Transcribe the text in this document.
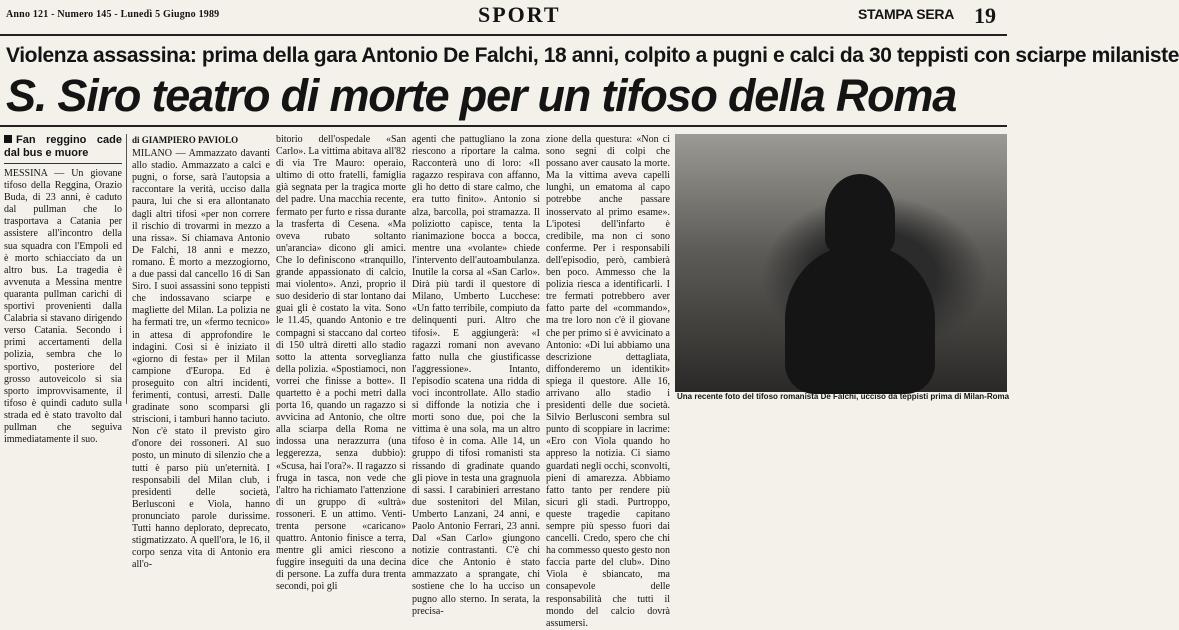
Anno 121 - Numero 145 - Lunedì 5 Giugno 1989	SPORT	STAMPA SERA 19
Violenza assassina: prima della gara Antonio De Falchi, 18 anni, colpito a pugni e calci da 30 teppisti con sciarpe milaniste
S. Siro teatro di morte per un tifoso della Roma
Fan reggino cade dal bus e muore
MESSINA — Un giovane tifoso della Reggina, Orazio Buda, di 23 anni, è caduto dal pullman che lo trasportava a Catania per assistere all'incontro della sua squadra con l'Empoli ed è morto schiacciato da un altro bus. La tragedia è avvenuta a Messina mentre quaranta pullman carichi di sportivi provenienti dalla Calabria si stavano dirigendo verso Catania. Secondo i primi accertamenti della polizia, sembra che lo sportivo, posteriore del grosso autoveicolo si sia sporto improvvisamente, il tifoso è quindi caduto sulla strada ed è stato travolto dal pullman che seguiva immediatamente il suo.
di GIAMPIERO PAVIOLO
MILANO — Ammazzato davanti allo stadio. Ammazzato a calci e pugni, o forse, sarà l'autopsia a raccontare la verità, ucciso dalla paura, lui che si era allontanato dagli altri tifosi «per non correre il rischio di trovarmi in mezzo a una rissa». Si chiamava Antonio De Falchi, 18 anni e mezzo, romano. È morto a mezzogiorno, a due passi dal cancello 16 di San Siro. I suoi assassini sono teppisti che indossavano sciarpe e magliette del Milan. La polizia ne ha fermati tre, un «fermo tecnico» in attesa di approfondire le indagini. Così si è iniziato il «giorno di festa» per il Milan campione d'Europa. Ed è proseguito con altri incidenti, ferimenti, contusi, arresti. Dalle gradinate sono scomparsi gli striscioni, i tamburi hanno taciuto. Non c'è stato il previsto giro d'onore dei rossoneri. Al suo posto, un minuto di silenzio che a tutti è parso più un'eternità. I responsabili del Milan club, i presidenti delle società, Berlusconi e Viola, hanno pronunciato parole durissime. Tutti hanno deplorato, deprecato, stigmatizzato. A quell'ora, le 16, il corpo senza vita di Antonio era all'o-
bitorio dell'ospedale «San Carlo». La vittima abitava all'82 di via Tre Mauro: operaio, ultimo di otto fratelli, famiglia già segnata per la tragica morte del padre. Una macchia recente, fermato per furto e rissa durante la trasferta di Cesena. «Ma oveva rubato soltanto un'arancia» dicono gli amici. Che lo definiscono «tranquillo, grande appassionato di calcio, mai violento». Anzi, proprio il suo desiderio di star lontano dai guai gli è costato la vita. Sono le 11.45, quando Antonio e tre compagni si staccano dal corteo di 150 ultrà diretti allo stadio sotto la attenta sorveglianza della polizia. «Spostiamoci, non vorrei che finisse a botte». Il quartetto è a pochi metri dalla porta 16, quando un ragazzo si avvicina ad Antonio, che oltre alla sciarpa della Roma ne indossa una nerazzurra (una leggerezza, senza dubbio): «Scusa, hai l'ora?». Il ragazzo si fruga in tasca, non vede che l'altro ha richiamato l'attenzione di un gruppo di «ultrà» rossoneri. E un attimo. Venti-trenta persone «caricano» quattro. Antonio finisce a terra, mentre gli amici riescono a fuggire inseguiti da una decina di persone. La zuffa dura trenta secondi, poi gli
agenti che pattugliano la zona riescono a riportare la calma. Racconterà uno di loro: «Il ragazzo respirava con affanno, gli ho detto di stare calmo, che era tutto finito». Antonio si alza, barcolla, poi stramazza. Il poliziotto capisce, tenta la rianimazione bocca a bocca, mentre una «volante» chiede l'intervento dell'autoambulanza. Inutile la corsa al «San Carlo». Dirà più tardi il questore di Milano, Umberto Lucchese: «Un fatto terribile, compiuto da delinquenti puri. Altro che tifosi». E aggiungerà: «I ragazzi romani non avevano fatto nulla che giustificasse l'aggressione». Intanto, l'episodio scatena una ridda di voci incontrollate. Allo stadio si diffonde la notizia che i morti sono due, poi che la vittima è una sola, ma un altro tifoso è in coma. Alle 14, un gruppo di tifosi romanisti sta rissando di gradinate quando gli piove in testa una gragnuola di sassi. I carabinieri arrestano due sostenitori del Milan, Umberto Lanzani, 24 anni, e Paolo Antonio Ferrari, 23 anni. Dal «San Carlo» giungono notizie contrastanti. C'è chi dice che Antonio è stato ammazzato a sprangate, chi sostiene che lo ha ucciso un pugno allo sterno. In serata, la precisa-
zione della questura: «Non ci sono segni di colpi che possano aver causato la morte. Ma la vittima aveva capelli lunghi, un ematoma al capo potrebbe anche passare inosservato al primo esame». L'ipotesi dell'infarto è credibile, ma non ci sono conferme. Per i responsabili dell'episodio, però, cambierà ben poco. Ammesso che la polizia riesca a identificarli. I tre fermati potrebbero aver fatto parte del «commando», ma tre loro non c'è il giovane che per primo si è avvicinato a Antonio: «Di lui abbiamo una descrizione dettagliata, diffonderemo un identikit» spiega il questore. Alle 16, arrivano allo stadio i presidenti delle due società. Silvio Berlusconi sembra sul punto di scoppiare in lacrime: «Ero con Viola quando ho appreso la notizia. Ci siamo guardati negli occhi, sconvolti, pieni di amarezza. Abbiamo fatto tanto per rendere più sicuri gli stadi. Purtroppo, queste tragedie capitano sempre più spesso fuori dai cancelli. Credo, spero che chi ha commesso questo gesto non faccia parte del club». Dino Viola è sbiancato, ma consapevole delle responsabilità che tutti il mondo del calcio dovrà assumersi.
Una recente foto del tifoso romanista De Falchi, ucciso da teppisti prima di Milan-Roma
